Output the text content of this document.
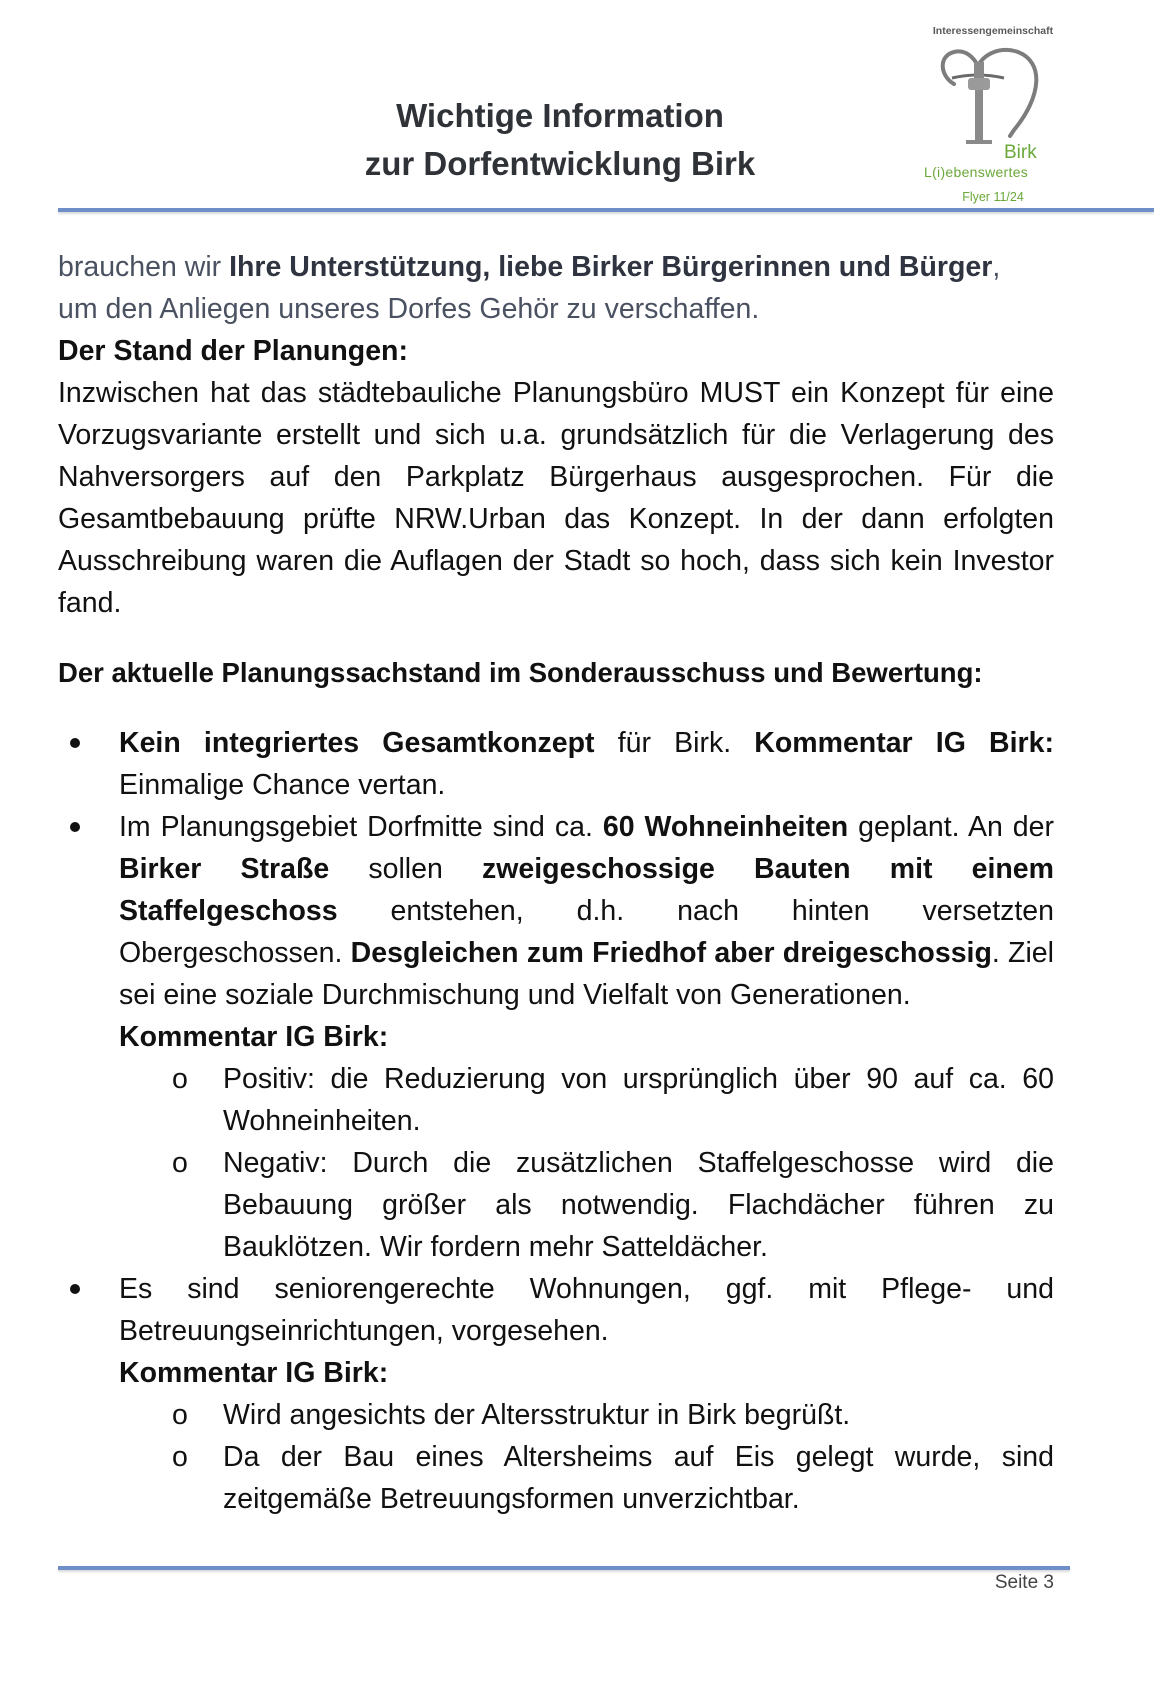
Wichtige Information
zur Dorfentwicklung Birk
Interessengemeinschaft
Birk
L(i)ebenswertes
Flyer 11/24

brauchen wir Ihre Unterstützung, liebe Birker Bürgerinnen und Bürger,
um den Anliegen unseres Dorfes Gehör zu verschaffen.

Der Stand der Planungen:

Inzwischen hat das städtebauliche Planungsbüro MUST ein Konzept für eine Vorzugsvariante erstellt und sich u.a. grundsätzlich für die Verlagerung des Nahversorgers auf den Parkplatz Bürgerhaus ausgesprochen. Für die Gesamtbebauung prüfte NRW.Urban das Konzept. In der dann erfolgten Ausschreibung waren die Auflagen der Stadt so hoch, dass sich kein Investor fand.

Der aktuelle Planungssachstand im Sonderausschuss und Bewertung:

Kein integriertes Gesamtkonzept für Birk. Kommentar IG Birk: Einmalige Chance vertan.

Im Planungsgebiet Dorfmitte sind ca. 60 Wohneinheiten geplant. An der Birker Straße sollen zweigeschossige Bauten mit einem Staffelgeschoss entstehen, d.h. nach hinten versetzten Obergeschossen. Desgleichen zum Friedhof aber dreigeschossig. Ziel sei eine soziale Durchmischung und Vielfalt von Generationen.

Kommentar IG Birk:

o Positiv: die Reduzierung von ursprünglich über 90 auf ca. 60 Wohneinheiten.
o Negativ: Durch die zusätzlichen Staffelgeschosse wird die Bebauung größer als notwendig. Flachdächer führen zu Bauklötzen. Wir fordern mehr Satteldächer.

Es sind seniorengerechte Wohnungen, ggf. mit Pflege- und Betreuungseinrichtungen, vorgesehen.

Kommentar IG Birk:

o Wird angesichts der Altersstruktur in Birk begrüßt.
o Da der Bau eines Altersheims auf Eis gelegt wurde, sind zeitgemäße Betreuungsformen unverzichtbar.
Seite 3
